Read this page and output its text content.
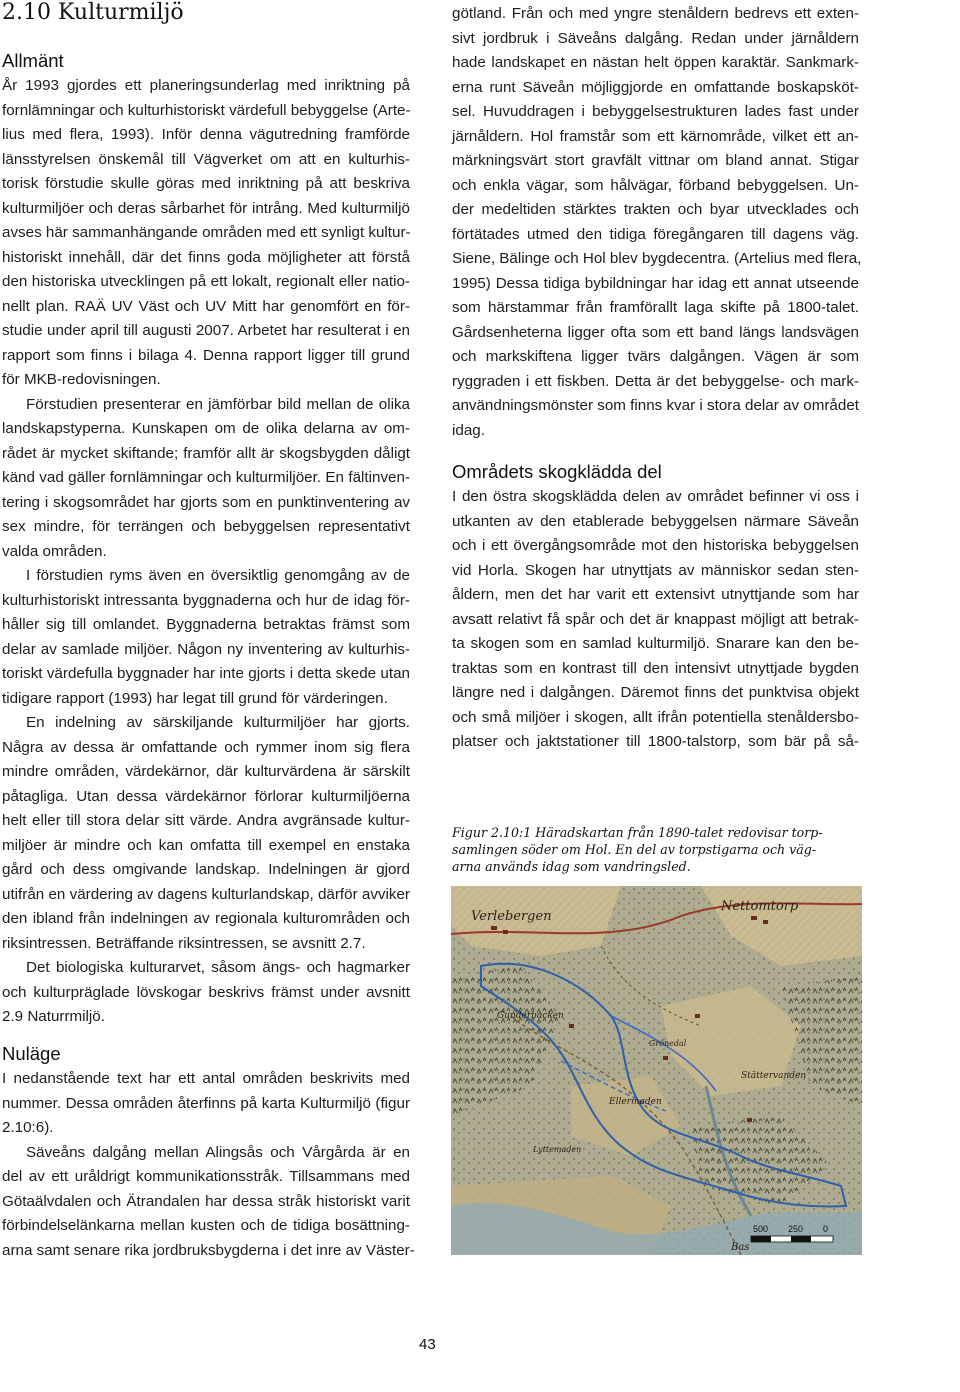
2.10 Kulturmiljö
Allmänt
År 1993 gjordes ett planeringsunderlag med inriktning på
fornlämningar och kulturhistoriskt värdefull bebyggelse (Arte-
lius med flera, 1993). Inför denna vägutredning framförde
länsstyrelsen önskemål till Vägverket om att en kulturhis-
torisk förstudie skulle göras med inriktning på att beskriva
kulturmiljöer och deras sårbarhet för intrång. Med kulturmiljö
avses här sammanhängande områden med ett synligt kultur-
historiskt innehåll, där det finns goda möjligheter att förstå
den historiska utvecklingen på ett lokalt, regionalt eller natio-
nellt plan. RAÄ UV Väst och UV Mitt har genomfört en för-
studie under april till augusti 2007. Arbetet har resulterat i en
rapport som finns i bilaga 4. Denna rapport ligger till grund
för MKB-redovisningen.
Förstudien presenterar en jämförbar bild mellan de olika
landskapstyperna. Kunskapen om de olika delarna av om-
rådet är mycket skiftande; framför allt är skogsbygden dåligt
känd vad gäller fornlämningar och kulturmiljöer. En fältinven-
tering i skogsområdet har gjorts som en punktinventering av
sex mindre, för terrängen och bebyggelsen representativt
valda områden.
I förstudien ryms även en översiktlig genomgång av de
kulturhistoriskt intressanta byggnaderna och hur de idag för-
håller sig till omlandet. Byggnaderna betraktas främst som
delar av samlade miljöer. Någon ny inventering av kulturhis-
toriskt värdefulla byggnader har inte gjorts i detta skede utan
tidigare rapport (1993) har legat till grund för värderingen.
En indelning av särskiljande kulturmiljöer har gjorts.
Några av dessa är omfattande och rymmer inom sig flera
mindre områden, värdekärnor, där kulturvärdena är särskilt
påtagliga. Utan dessa värdekärnor förlorar kulturmiljöerna
helt eller till stora delar sitt värde. Andra avgränsade kultur-
miljöer är mindre och kan omfatta till exempel en enstaka
gård och dess omgivande landskap. Indelningen är gjord
utifrån en värdering av dagens kulturlandskap, därför avviker
den ibland från indelningen av regionala kulturområden och
riksintressen. Beträffande riksintressen, se avsnitt 2.7.
Det biologiska kulturarvet, såsom ängs- och hagmarker
och kulturpräglade lövskogar beskrivs främst under avsnitt
2.9 Naturrmiljö.
Nuläge
I nedanstående text har ett antal områden beskrivits med
nummer. Dessa områden återfinns på karta Kulturmiljö (figur
2.10:6).
Säveåns dalgång mellan Alingsås och Vårgårda är en
del av ett uråldrigt kommunikationsstråk. Tillsammans med
Götaälvdalen och Ätrandalen har dessa stråk historiskt varit
förbindelselänkarna mellan kusten och de tidiga bosättning-
arna samt senare rika jordbruksbygderna i det inre av Väster-
götland. Från och med yngre stenåldern bedrevs ett exten-
sivt jordbruk i Säveåns dalgång. Redan under järnåldern
hade landskapet en nästan helt öppen karaktär. Sankmark-
erna runt Säveån möjliggjorde en omfattande boskapsköt-
sel. Huvuddragen i bebyggelsestrukturen lades fast under
järnåldern. Hol framstår som ett kärnområde, vilket ett an-
märkningsvärt stort gravfält vittnar om bland annat. Stigar
och enkla vägar, som hålvägar, förband bebyggelsen. Un-
der medeltiden stärktes trakten och byar utvecklades och
förtätades utmed den tidiga föregångaren till dagens väg.
Siene, Bälinge och Hol blev bygdecentra. (Artelius med flera,
1995) Dessa tidiga bybildningar har idag ett annat utseende
som härstammar från framförallt laga skifte på 1800-talet.
Gårdsenheterna ligger ofta som ett band längs landsvägen
och markskiftena ligger tvärs dalgången. Vägen är som
ryggraden i ett fiskben. Detta är det bebyggelse- och mark-
användningsmönster som finns kvar i stora delar av området
idag.
Områdets skogklädda del
I den östra skogsklädda delen av området befinner vi oss i
utkanten av den etablerade bebyggelsen närmare Säveån
och i ett övergångsområde mot den historiska bebyggelsen
vid Horla. Skogen har utnyttjats av människor sedan sten-
åldern, men det har varit ett extensivt utnyttjande som har
avsatt relativt få spår och det är knappast möjligt att betrak-
ta skogen som en samlad kulturmiljö. Snarare kan den be-
traktas som en kontrast till den intensivt utnyttjade bygden
längre ned i dalgången. Däremot finns det punktvisa objekt
och små miljöer i skogen, allt ifrån potentiella stenåldersbo-
platser och jaktstationer till 1800-talstorp, som bär på så-
Figur 2.10:1 Häradskartan från 1890-talet redovisar torp-
samlingen söder om Hol. En del av torpstigarna och väg-
arna används idag som vandringsled.
Verlebergen
Nettomtorp
Gunderbacken
Grönedal
Stättervanden
Ellermaden
Lyttemaden
Bas
500 250 0
43
